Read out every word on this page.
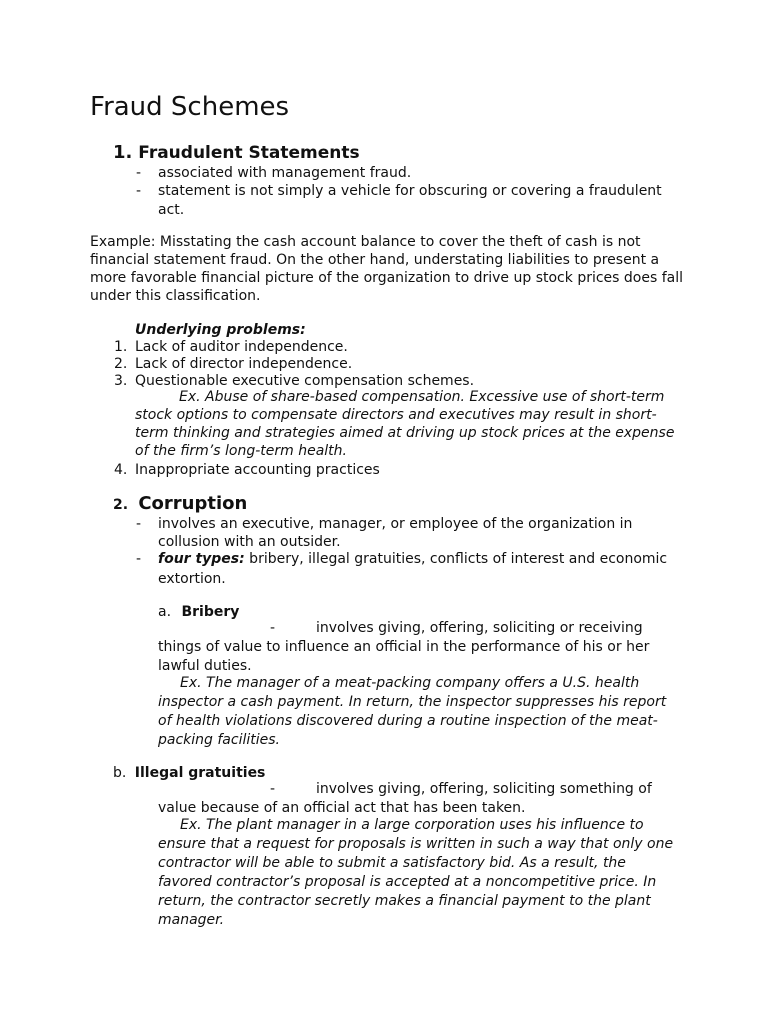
Fraud Schemes
1. Fraudulent Statements
- associated with management fraud.
- statement is not simply a vehicle for obscuring or covering a fraudulent
act.
Example: Misstating the cash account balance to cover the theft of cash is not
financial statement fraud. On the other hand, understating liabilities to present a
more favorable financial picture of the organization to drive up stock prices does fall
under this classification.
Underlying problems:
1. Lack of auditor independence.
2. Lack of director independence.
3. Questionable executive compensation schemes.
Ex. Abuse of share-based compensation. Excessive use of short-term
stock options to compensate directors and executives may result in short-
term thinking and strategies aimed at driving up stock prices at the expense
of the firm’s long-term health.
4. Inappropriate accounting practices
2. Corruption
- involves an executive, manager, or employee of the organization in
collusion with an outsider.
- four types: bribery, illegal gratuities, conflicts of interest and economic
extortion.
a. Bribery
-	involves giving, offering, soliciting or receiving
things of value to influence an official in the performance of his or her
lawful duties.
Ex. The manager of a meat-packing company offers a U.S. health
inspector a cash payment. In return, the inspector suppresses his report
of health violations discovered during a routine inspection of the meat-
packing facilities.
b. Illegal gratuities
-	involves giving, offering, soliciting something of
value because of an official act that has been taken.
Ex. The plant manager in a large corporation uses his influence to
ensure that a request for proposals is written in such a way that only one
contractor will be able to submit a satisfactory bid. As a result, the
favored contractor’s proposal is accepted at a noncompetitive price. In
return, the contractor secretly makes a financial payment to the plant
manager.
